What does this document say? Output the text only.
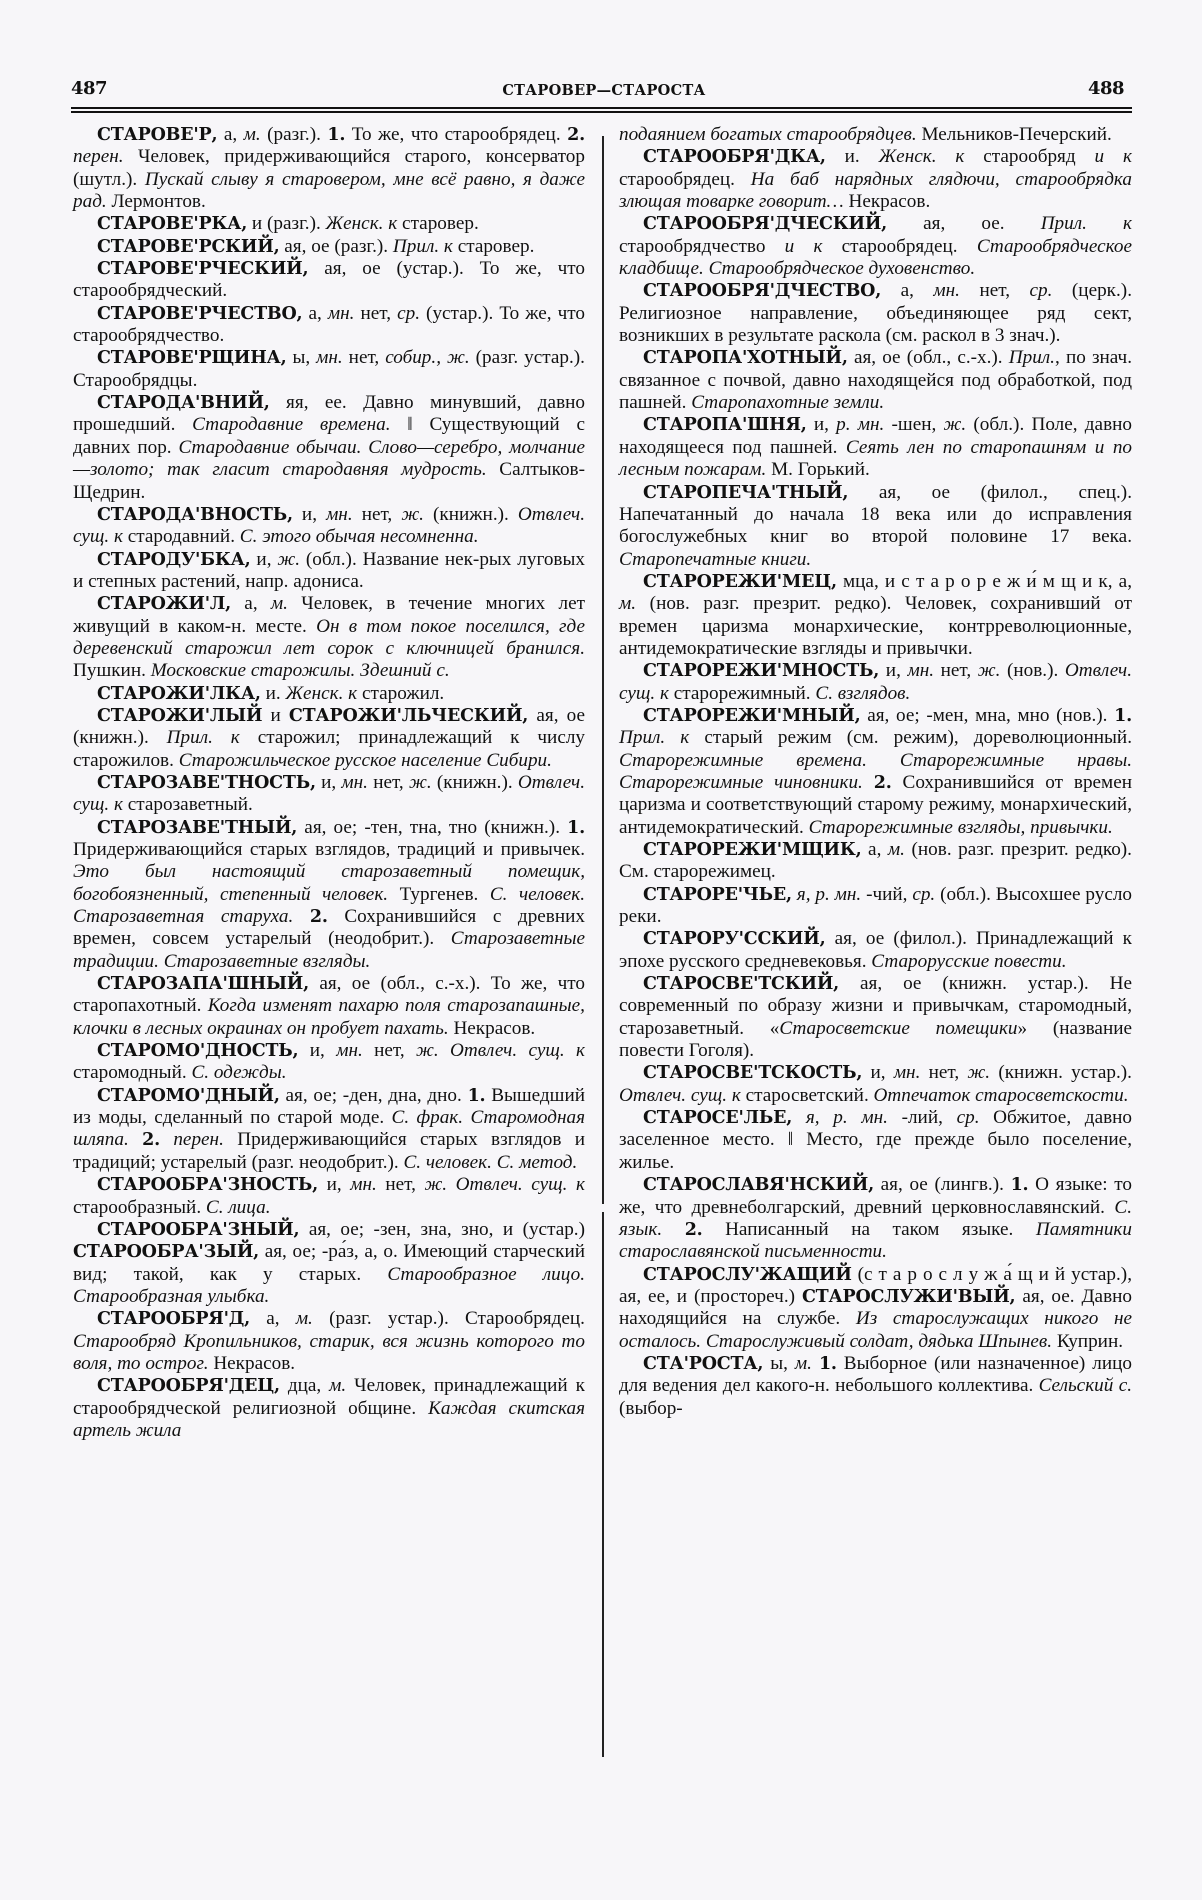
487	СТАРОВЕР—СТАРОСТА	488

СТАРОВЕ'Р, а, м. (разг.). 1. То же, что старообрядец. 2. перен. Человек, придерживающийся старого, консерватор (шутл.). Пускай слыву я старовером, мне всё равно, я даже рад. Лермонтов.

СТАРОВЕ'РКА, и (разг.). Женск. к старовер.

СТАРОВЕ'РСКИЙ, ая, ое (разг.). Прил. к старовер.

СТАРОВЕ'РЧЕСКИЙ, ая, ое (устар.). То же, что старообрядческий.

СТАРОВЕ'РЧЕСТВО, а, мн. нет, ср. (устар.). То же, что старообрядчество.

СТАРОВЕ'РЩИНА, ы, мн. нет, собир., ж. (разг. устар.). Старообрядцы.

СТАРОДА'ВНИЙ, яя, ее. Давно минувший, давно прошедший. Стародавние времена. ‖ Существующий с давних пор. Стародавние обычаи. Слово—серебро, молчание—золото; так гласит стародавняя мудрость. Салтыков-Щедрин.

СТАРОДА'ВНОСТЬ, и, мн. нет, ж. (книжн.). Отвлеч. сущ. к стародавний. С. этого обычая несомненна.

СТАРОДУ'БКА, и, ж. (обл.). Название нек-рых луговых и степных растений, напр. адониса.

СТАРОЖИ'Л, а, м. Человек, в течение многих лет живущий в каком-н. месте. Он в том покое поселился, где деревенский старожил лет сорок с ключницей бранился. Пушкин. Московские старожилы. Здешний с.

СТАРОЖИ'ЛКА, и. Женск. к старожил.

СТАРОЖИ'ЛЫЙ и СТАРОЖИ'ЛЬЧЕСКИЙ, ая, ое (книжн.). Прил. к старожил; принадлежащий к числу старожилов. Старожильческое русское население Сибири.

СТАРОЗАВЕ'ТНОСТЬ, и, мн. нет, ж. (книжн.). Отвлеч. сущ. к старозаветный.

СТАРОЗАВЕ'ТНЫЙ, ая, ое; -тен, тна, тно (книжн.). 1. Придерживающийся старых взглядов, традиций и привычек. Это был настоящий старозаветный помещик, богобоязненный, степенный человек. Тургенев. С. человек. Старозаветная старуха. 2. Сохранившийся с древних времен, совсем устарелый (неодобрит.). Старозаветные традиции. Старозаветные взгляды.

СТАРОЗАПА'ШНЫЙ, ая, ое (обл., с.-х.). То же, что старопахотный. Когда изменят пахарю поля старозапашные, клочки в лесных окраинах он пробует пахать. Некрасов.

СТАРОМО'ДНОСТЬ, и, мн. нет, ж. Отвлеч. сущ. к старомодный. С. одежды.

СТАРОМО'ДНЫЙ, ая, ое; -ден, дна, дно. 1. Вышедший из моды, сделанный по старой моде. С. фрак. Старомодная шляпа. 2. перен. Придерживающийся старых взглядов и традиций; устарелый (разг. неодобрит.). С. человек. С. метод.

СТАРООБРА'ЗНОСТЬ, и, мн. нет, ж. Отвлеч. сущ. к старообразный. С. лица.

СТАРООБРА'ЗНЫЙ, ая, ое; -зен, зна, зно, и (устар.) СТАРООБРА'ЗЫЙ, ая, ое; -ра́з, а, о. Имеющий старческий вид; такой, как у старых. Старообразное лицо. Старообразная улыбка.

СТАРООБРЯ'Д, а, м. (разг. устар.). Старообрядец. Старообряд Кропильников, старик, вся жизнь которого то воля, то острог. Некрасов.

СТАРООБРЯ'ДЕЦ, дца, м. Человек, принадлежащий к старообрядческой религиозной общине. Каждая скитская артель жила

подаянием богатых старообрядцев. Мельников-Печерский.

СТАРООБРЯ'ДКА, и. Женск. к старообряд и к старообрядец. На баб нарядных глядючи, старообрядка злющая товарке говорит… Некрасов.

СТАРООБРЯ'ДЧЕСКИЙ, ая, ое. Прил. к старообрядчество и к старообрядец. Старообрядческое кладбище. Старообрядческое духовенство.

СТАРООБРЯ'ДЧЕСТВО, а, мн. нет, ср. (церк.). Религиозное направление, объединяющее ряд сект, возникших в результате раскола (см. раскол в 3 знач.).

СТАРОПА'ХОТНЫЙ, ая, ое (обл., с.-х.). Прил., по знач. связанное с почвой, давно находящейся под обработкой, под пашней. Старопахотные земли.

СТАРОПА'ШНЯ, и, р. мн. -шен, ж. (обл.). Поле, давно находящееся под пашней. Сеять лен по старопашням и по лесным пожарам. М. Горький.

СТАРОПЕЧА'ТНЫЙ, ая, ое (филол., спец.). Напечатанный до начала 18 века или до исправления богослужебных книг во второй половине 17 века. Старопечатные книги.

СТАРОРЕЖИ'МЕЦ, мца, и с т а р о р е ж и́ м щ и к, а, м. (нов. разг. презрит. редко). Человек, сохранивший от времен царизма монархические, контрреволюционные, антидемократические взгляды и привычки.

СТАРОРЕЖИ'МНОСТЬ, и, мн. нет, ж. (нов.). Отвлеч. сущ. к старорежимный. С. взглядов.

СТАРОРЕЖИ'МНЫЙ, ая, ое; -мен, мна, мно (нов.). 1. Прил. к старый режим (см. режим), дореволюционный. Старорежимные времена. Старорежимные нравы. Старорежимные чиновники. 2. Сохранившийся от времен царизма и соответствующий старому режиму, монархический, антидемократический. Старорежимные взгляды, привычки.

СТАРОРЕЖИ'МЩИК, а, м. (нов. разг. презрит. редко). См. старорежимец.

СТАРОРЕ'ЧЬЕ, я, р. мн. -чий, ср. (обл.). Высохшее русло реки.

СТАРОРУ'ССКИЙ, ая, ое (филол.). Принадлежащий к эпохе русского средневековья. Старорусские повести.

СТАРОСВЕ'ТСКИЙ, ая, ое (книжн. устар.). Не современный по образу жизни и привычкам, старомодный, старозаветный. «Старосветские помещики» (название повести Гоголя).

СТАРОСВЕ'ТСКОСТЬ, и, мн. нет, ж. (книжн. устар.). Отвлеч. сущ. к старосветский. Отпечаток старосветскости.

СТАРОСЕ'ЛЬЕ, я, р. мн. -лий, ср. Обжитое, давно заселенное место. ‖ Место, где прежде было поселение, жилье.

СТАРОСЛАВЯ'НСКИЙ, ая, ое (лингв.). 1. О языке: то же, что древнеболгарский, древний церковнославянский. С. язык. 2. Написанный на таком языке. Памятники старославянской письменности.

СТАРОСЛУ'ЖАЩИЙ (с т а р о с л у ж а́ щ и й устар.), ая, ее, и (простореч.) СТАРОСЛУЖИ'ВЫЙ, ая, ое. Давно находящийся на службе. Из старослужащих никого не осталось. Старослуживый солдат, дядька Шпынев. Куприн.

СТА'РОСТА, ы, м. 1. Выборное (или назначенное) лицо для ведения дел какого-н. небольшого коллектива. Сельский с. (выбор-
